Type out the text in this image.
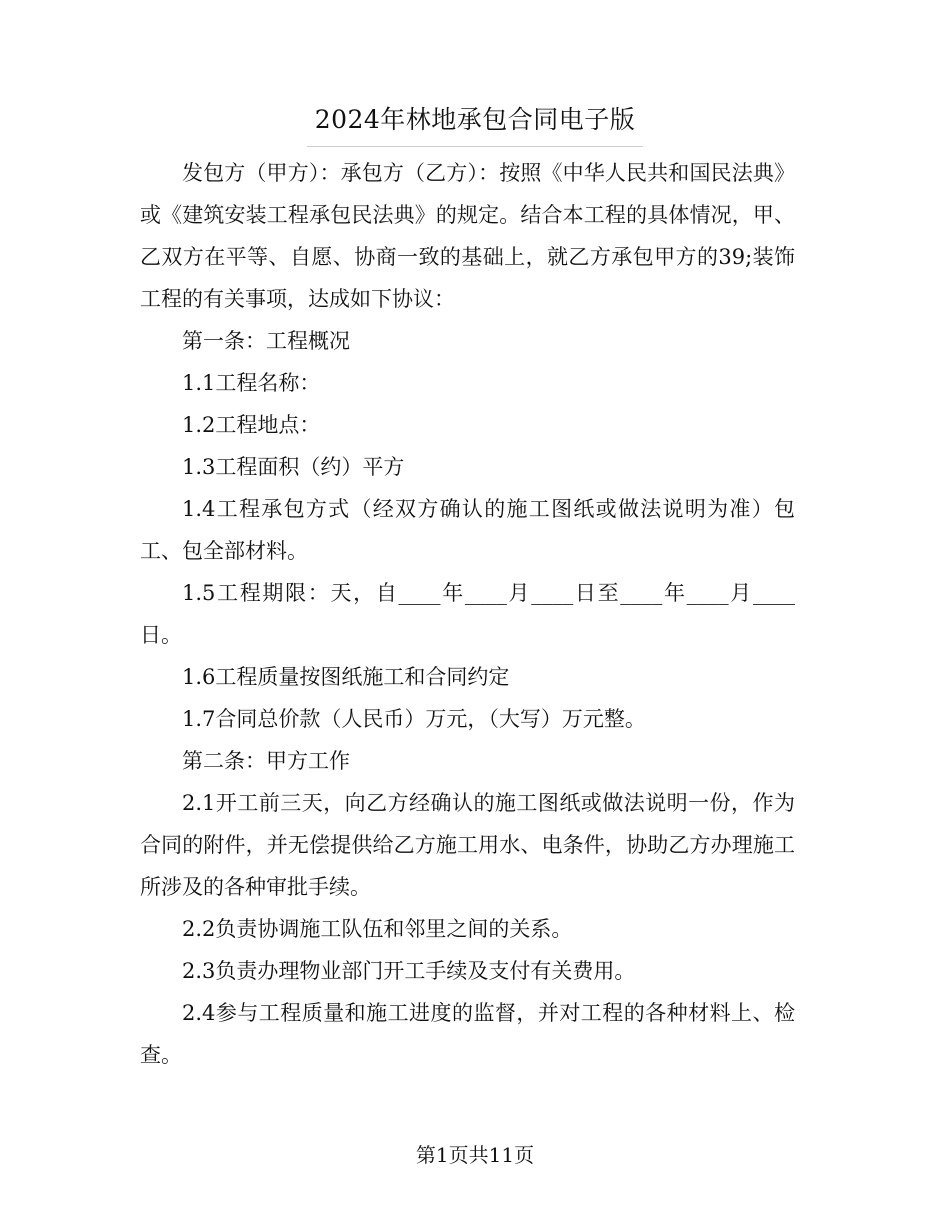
2024年林地承包合同电子版

发包方（甲方）：承包方（乙方）：按照《中华人民共和国民法典》或《建筑安装工程承包民法典》的规定。结合本工程的具体情况，甲、乙双方在平等、自愿、协商一致的基础上，就乙方承包甲方的39;装饰工程的有关事项，达成如下协议：

第一条：工程概况

1.1工程名称：

1.2工程地点：

1.3工程面积（约）平方

1.4工程承包方式（经双方确认的施工图纸或做法说明为准）包工、包全部材料。

1.5工程期限：天，自____年____月____日至____年____月____日。

1.6工程质量按图纸施工和合同约定

1.7合同总价款（人民币）万元，（大写）万元整。

第二条：甲方工作

2.1开工前三天，向乙方经确认的施工图纸或做法说明一份，作为合同的附件，并无偿提供给乙方施工用水、电条件，协助乙方办理施工所涉及的各种审批手续。

2.2负责协调施工队伍和邻里之间的关系。

2.3负责办理物业部门开工手续及支付有关费用。

2.4参与工程质量和施工进度的监督，并对工程的各种材料上、检查。

第1页共11页
